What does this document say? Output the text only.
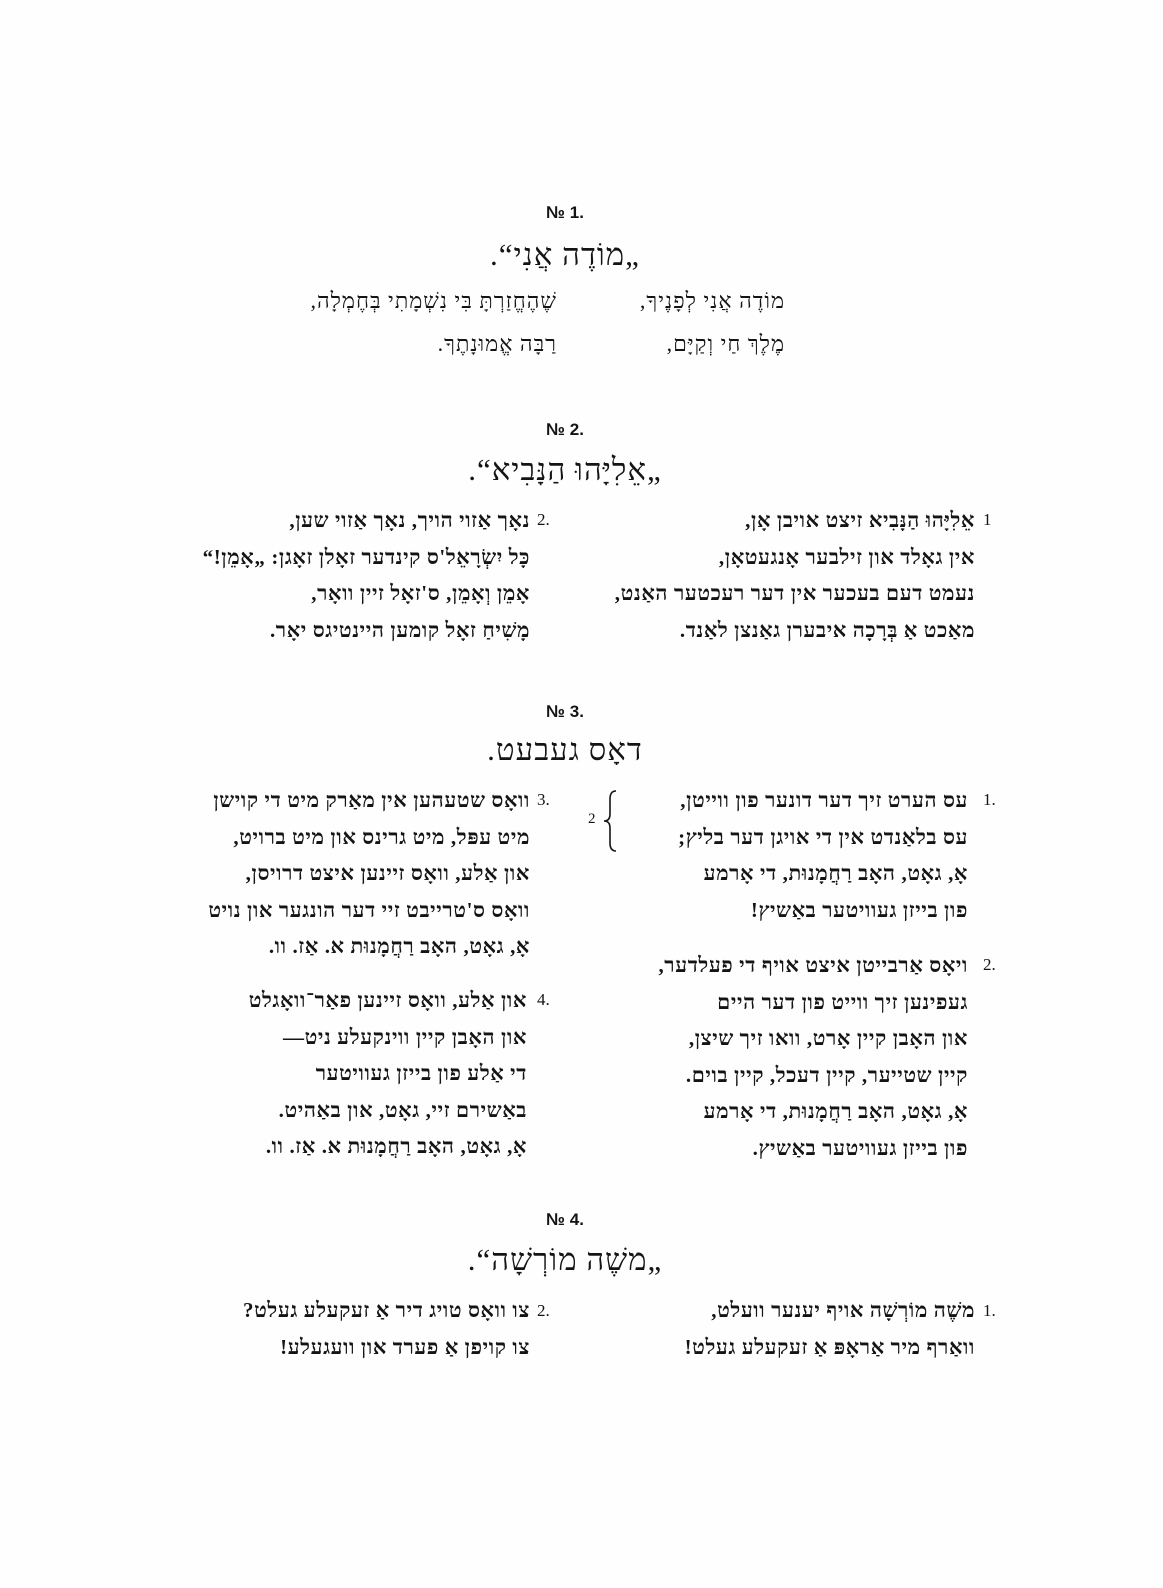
№ 1.
„מוֹדֶה אֲנִי“.
מוֹדֶה אֲנִי לְפָנֶיךָ,
מֶלֶךְ חַי וְקַיָּם,
שֶׁהֶחֱזַרְתָּ בִּי נִשְׁמָתִי בְּחֶמְלָה,
רַבָּה אֱמוּנָתֶךָ.
№ 2.
„אֵלִיָּהוּ הַנָּבִיא“.
1
אֵלִיָּהוּ הַנָּבִיא זיצט אויבן אָן,
אין גאָלד און זילבער אָנגעטאָן,
נעמט דעם בעכער אין דער רעכטער האַנט,
מאַכט אַ בְּרָכָה איבערן גאַנצן לאַנד.
2.
נאָך אַזוי הויך, נאָך אַזוי שען,
כָּל יִשְׂרָאֵל'ס קינדער זאָלן זאָגן: „אָמֵן!“
אָמֵן וְאָמֵן, ס'זאָל זיין וואָר,
מָשִׁיחַ זאָל קומען היינטיגס יאָר.
№ 3.
דאָס געבעט.
1.
עס הערט זיך דער דונער פון ווייטן,
עס בלאַנדט אין די אויגן דער בליץ;
אָ, גאָט, האָב רַחֲמָנוּת, די אָרמע
פון בייזן געוויטער באַשיץ!
2
2.
ויאָס אַרבייטן איצט אויף די פעלדער,
געפינען זיך ווייט פון דער היים
און האָבן קיין אָרט, וואו זיך שיצן,
קיין שטייער, קיין דעכל, קיין בוים.
אָ, גאָט, האָב רַחֲמָנוּת, די אָרמע
פון בייזן געוויטער באַשיץ.
3.
וואָס שטעהען אין מאַרק מיט די קוישן
מיט עפּל, מיט גרינס און מיט ברויט,
און אַלע, וואָס זיינען איצט דרויסן,
וואָס ס'טרייבט זיי דער הונגער און נויט
אָ, גאָט, האָב רַחֲמָנוּת א. אַז. וו.
4.
און אַלע, וואָס זיינען פאַר־וואָגלט
און האָבן קיין ווינקעלע ניט—
די אַלע פון בייזן געוויטער
באַשירם זיי, גאָט, און באַהיט.
אָ, גאָט, האָב רַחֲמָנוּת א. אַז. וו.
№ 4.
„משֶׁה מוֹרְשָׁה“.
1.
משֶׁה מוֹרְשָׁה אויף יענער וועלט,
וואַרף מיר אַראָפּ אַ זעקעלע געלט!
2.
צו וואָס טויג דיר אַ זעקעלע געלט?
צו קויפן אַ פערד און וועגעלע!
